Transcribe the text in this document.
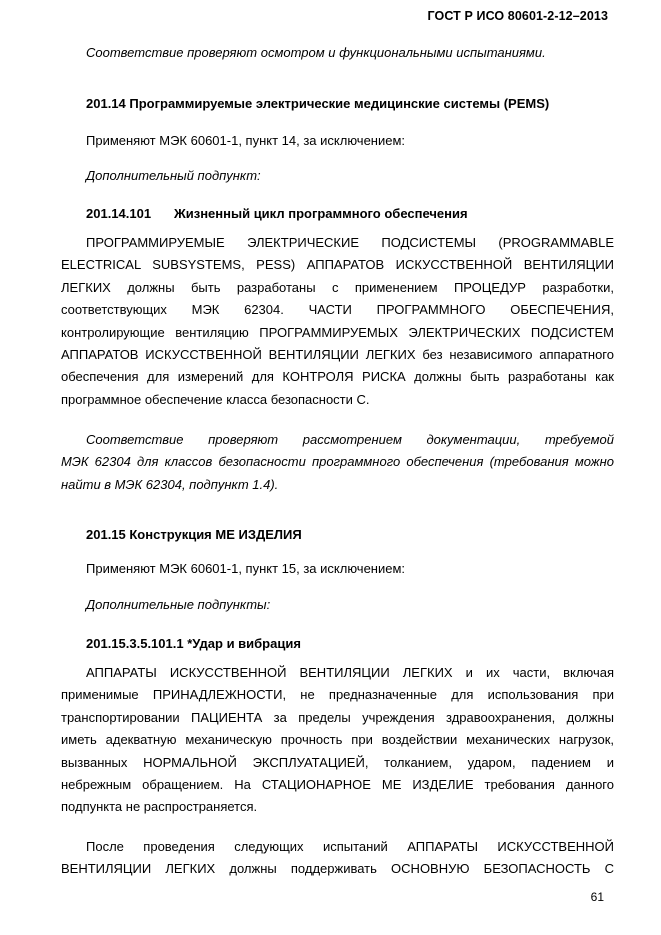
ГОСТ Р ИСО 80601-2-12–2013
Соответствие проверяют осмотром и функциональными испытаниями.
201.14 Программируемые электрические медицинские системы (PEMS)
Применяют МЭК 60601-1, пункт 14, за исключением:
Дополнительный подпункт:
201.14.101 Жизненный цикл программного обеспечения
ПРОГРАММИРУЕМЫЕ ЭЛЕКТРИЧЕСКИЕ ПОДСИСТЕМЫ (PROGRAMMABLE
ELECTRICAL SUBSYSTEMS, PESS) АППАРАТОВ ИСКУССТВЕННОЙ ВЕНТИЛЯЦИИ
ЛЕГКИХ должны быть разработаны с применением ПРОЦЕДУР разработки,
соответствующих МЭК 62304. ЧАСТИ ПРОГРАММНОГО ОБЕСПЕЧЕНИЯ,
контролирующие вентиляцию ПРОГРАММИРУЕМЫХ ЭЛЕКТРИЧЕСКИХ ПОДСИСТЕМ
АППАРАТОВ ИСКУССТВЕННОЙ ВЕНТИЛЯЦИИ ЛЕГКИХ без независимого аппаратного
обеспечения для измерений для КОНТРОЛЯ РИСКА должны быть разработаны как
программное обеспечение класса безопасности С.
Соответствие проверяют рассмотрением документации, требуемой
МЭК 62304 для классов безопасности программного обеспечения (требования можно
найти в МЭК 62304, подпункт 1.4).
201.15 Конструкция МЕ ИЗДЕЛИЯ
Применяют МЭК 60601-1, пункт 15, за исключением:
Дополнительные подпункты:
201.15.3.5.101.1 *Удар и вибрация
АППАРАТЫ ИСКУССТВЕННОЙ ВЕНТИЛЯЦИИ ЛЕГКИХ и их части, включая
применимые ПРИНАДЛЕЖНОСТИ, не предназначенные для использования при
транспортировании ПАЦИЕНТА за пределы учреждения здравоохранения, должны
иметь адекватную механическую прочность при воздействии механических нагрузок,
вызванных НОРМАЛЬНОЙ ЭКСПЛУАТАЦИЕЙ, толканием, ударом, падением и
небрежным обращением. На СТАЦИОНАРНОЕ МЕ ИЗДЕЛИЕ требования данного
подпункта не распространяется.
После проведения следующих испытаний АППАРАТЫ ИСКУССТВЕННОЙ
ВЕНТИЛЯЦИИ ЛЕГКИХ должны поддерживать ОСНОВНУЮ БЕЗОПАСНОСТЬ С
61
